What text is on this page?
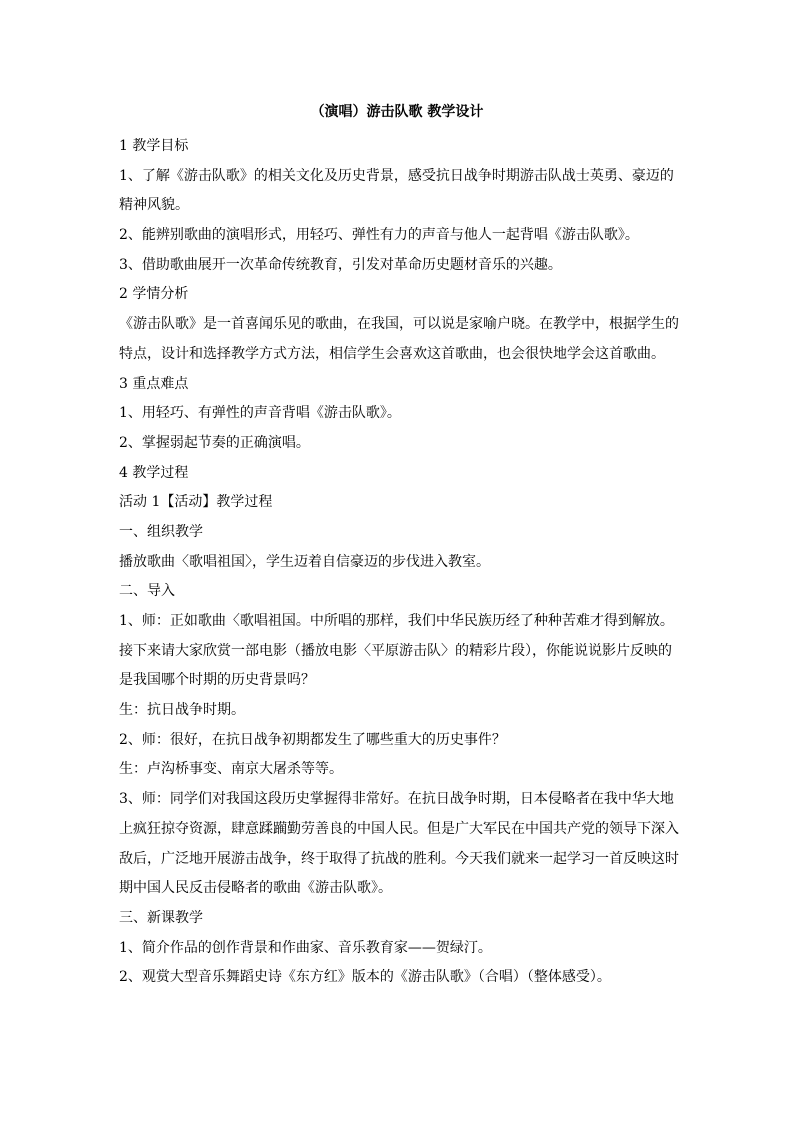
（演唱）游击队歌 教学设计
1 教学目标
1、了解《游击队歌》的相关文化及历史背景，感受抗日战争时期游击队战士英勇、豪迈的
精神风貌。
2、能辨别歌曲的演唱形式，用轻巧、弹性有力的声音与他人一起背唱《游击队歌》。
3、借助歌曲展开一次革命传统教育，引发对革命历史题材音乐的兴趣。
2 学情分析
《游击队歌》是一首喜闻乐见的歌曲，在我国，可以说是家喻户晓。在教学中，根据学生的
特点，设计和选择教学方式方法，相信学生会喜欢这首歌曲，也会很快地学会这首歌曲。
3 重点难点
1、用轻巧、有弹性的声音背唱《游击队歌》。
2、掌握弱起节奏的正确演唱。
4 教学过程
活动 1【活动】教学过程
一、组织教学
播放歌曲〈歌唱祖国〉，学生迈着自信豪迈的步伐进入教室。
二、导入
1、师：正如歌曲〈歌唱祖国。中所唱的那样，我们中华民族历经了种种苦难才得到解放。
接下来请大家欣赏一部电影（播放电影〈平原游击队〉的精彩片段），你能说说影片反映的
是我国哪个时期的历史背景吗？
生：抗日战争时期。
2、师：很好，在抗日战争初期都发生了哪些重大的历史事件？
生：卢沟桥事变、南京大屠杀等等。
3、师：同学们对我国这段历史掌握得非常好。在抗日战争时期，日本侵略者在我中华大地
上疯狂掠夺资源，肆意蹂躏勤劳善良的中国人民。但是广大军民在中国共产党的领导下深入
敌后，广泛地开展游击战争，终于取得了抗战的胜利。今天我们就来一起学习一首反映这时
期中国人民反击侵略者的歌曲《游击队歌》。
三、新课教学
1、简介作品的创作背景和作曲家、音乐教育家——贺绿汀。
2、观赏大型音乐舞蹈史诗《东方红》版本的《游击队歌》（合唱）（整体感受）。
